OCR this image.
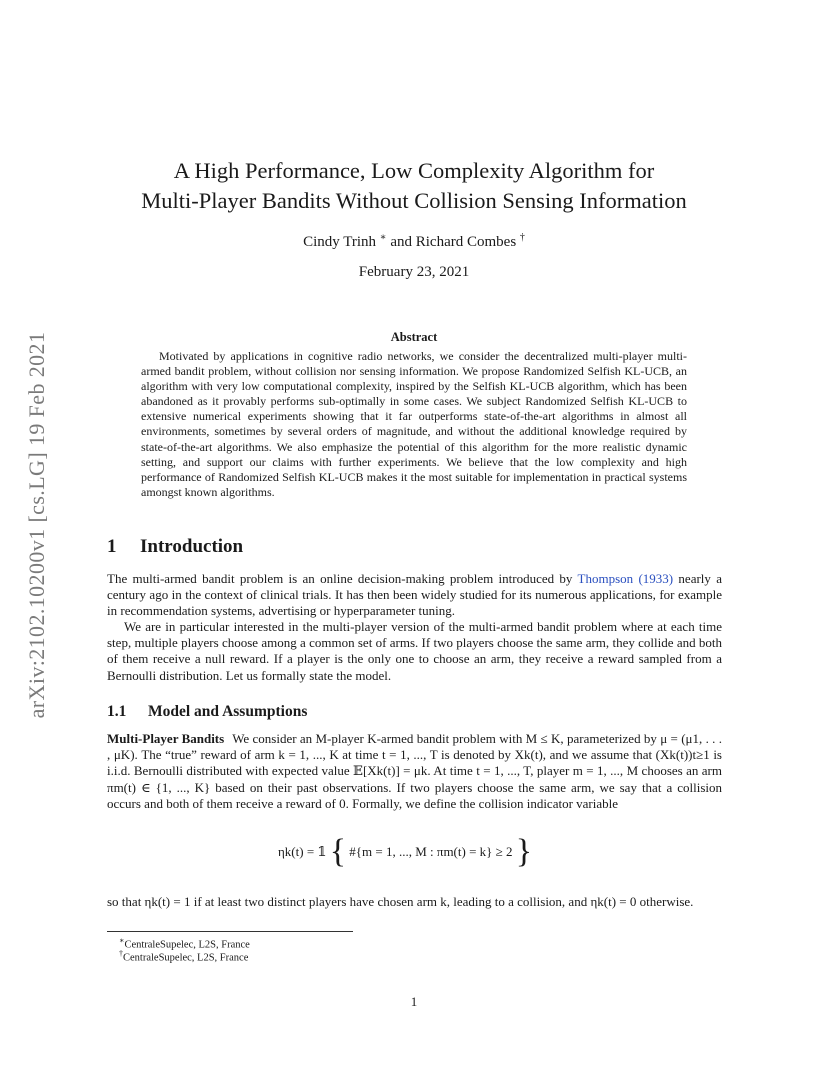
arXiv:2102.10200v1 [cs.LG] 19 Feb 2021
A High Performance, Low Complexity Algorithm for
Multi-Player Bandits Without Collision Sensing Information
Cindy Trinh ∗ and Richard Combes †
February 23, 2021
Abstract

Motivated by applications in cognitive radio networks, we consider the decentralized multi-player multi-armed bandit problem, without collision nor sensing information. We propose Randomized Selfish KL-UCB, an algorithm with very low computational complexity, inspired by the Selfish KL-UCB algorithm, which has been abandoned as it provably performs sub-optimally in some cases. We subject Randomized Selfish KL-UCB to extensive numerical experiments showing that it far outperforms state-of-the-art algorithms in almost all environments, sometimes by several orders of magnitude, and without the additional knowledge required by state-of-the-art algorithms. We also emphasize the potential of this algorithm for the more realistic dynamic setting, and support our claims with further experiments. We believe that the low complexity and high performance of Randomized Selfish KL-UCB makes it the most suitable for implementation in practical systems amongst known algorithms.

1 Introduction

The multi-armed bandit problem is an online decision-making problem introduced by Thompson (1933) nearly a century ago in the context of clinical trials. It has then been widely studied for its numerous applications, for example in recommendation systems, advertising or hyperparameter tuning.

We are in particular interested in the multi-player version of the multi-armed bandit problem where at each time step, multiple players choose among a common set of arms. If two players choose the same arm, they collide and both of them receive a null reward. If a player is the only one to choose an arm, they receive a reward sampled from a Bernoulli distribution. Let us formally state the model.

1.1 Model and Assumptions

Multi-Player Bandits We consider an M-player K-armed bandit problem with M ≤ K, parameterized by μ = (μ1, . . . , μK). The “true” reward of arm k = 1, ..., K at time t = 1, ..., T is denoted by Xk(t), and we assume that (Xk(t))t≥1 is i.i.d. Bernoulli distributed with expected value 𝔼[Xk(t)] = μk. At time t = 1, ..., T, player m = 1, ..., M chooses an arm πm(t) ∈ {1, ..., K} based on their past observations. If two players choose the same arm, we say that a collision occurs and both of them receive a reward of 0. Formally, we define the collision indicator variable

ηk(t) = 𝟙 { #{m = 1, ..., M : πm(t) = k} ≥ 2 }

so that ηk(t) = 1 if at least two distinct players have chosen arm k, leading to a collision, and ηk(t) = 0 otherwise.

∗CentraleSupelec, L2S, France
†CentraleSupelec, L2S, France
1
